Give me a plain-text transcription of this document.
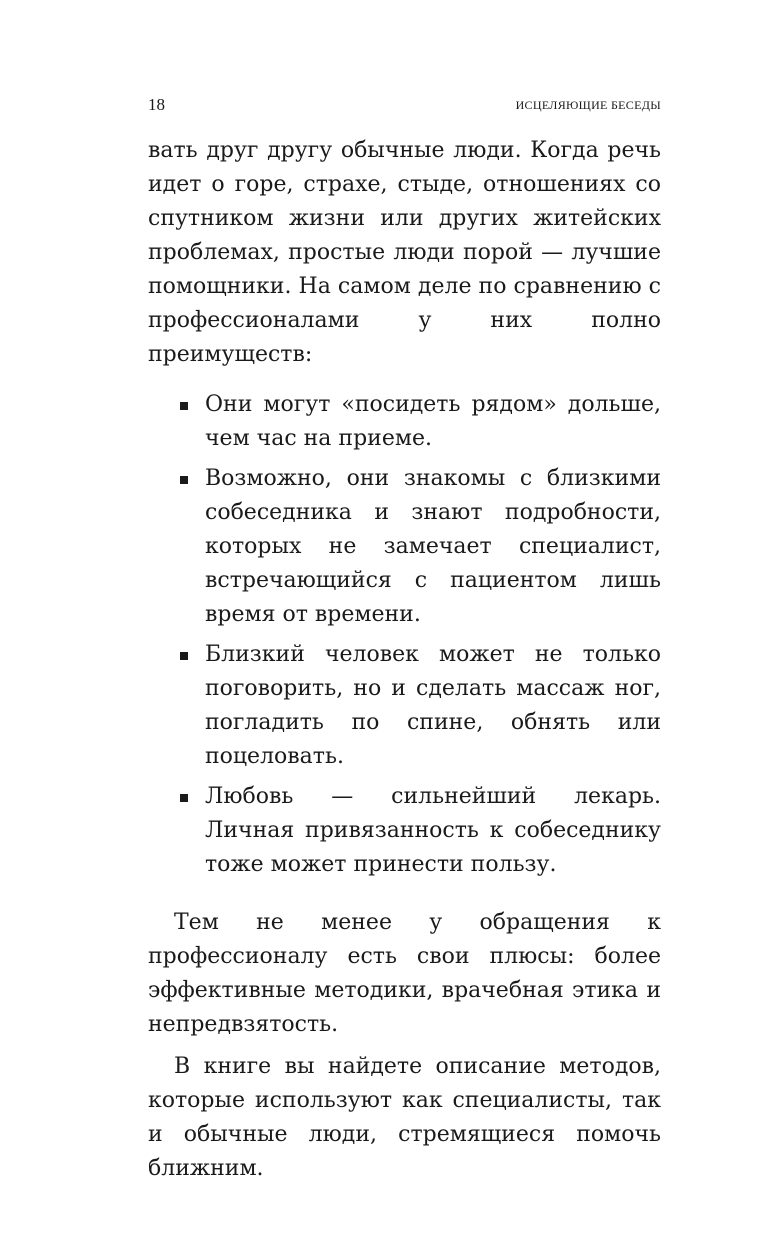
18	ИСЦЕЛЯЮЩИЕ БЕСЕДЫ

вать друг другу обычные люди. Когда речь идет о горе, страхе, стыде, отношениях со спутником жизни или других житейских проблемах, простые люди порой — лучшие помощники. На самом деле по сравнению с профессионалами у них полно преимуществ:

Они могут «посидеть рядом» дольше, чем час на приеме.
Возможно, они знакомы с близкими собеседника и знают подробности, которых не замечает специалист, встречающийся с пациентом лишь время от времени.
Близкий человек может не только поговорить, но и сделать массаж ног, погладить по спине, обнять или поцеловать.
Любовь — сильнейший лекарь. Личная привязанность к собеседнику тоже может принести пользу.

Тем не менее у обращения к профессионалу есть свои плюсы: более эффективные методики, врачебная этика и непредвзятость.

В книге вы найдете описание методов, которые используют как специалисты, так и обычные люди, стремящиеся помочь ближним.
